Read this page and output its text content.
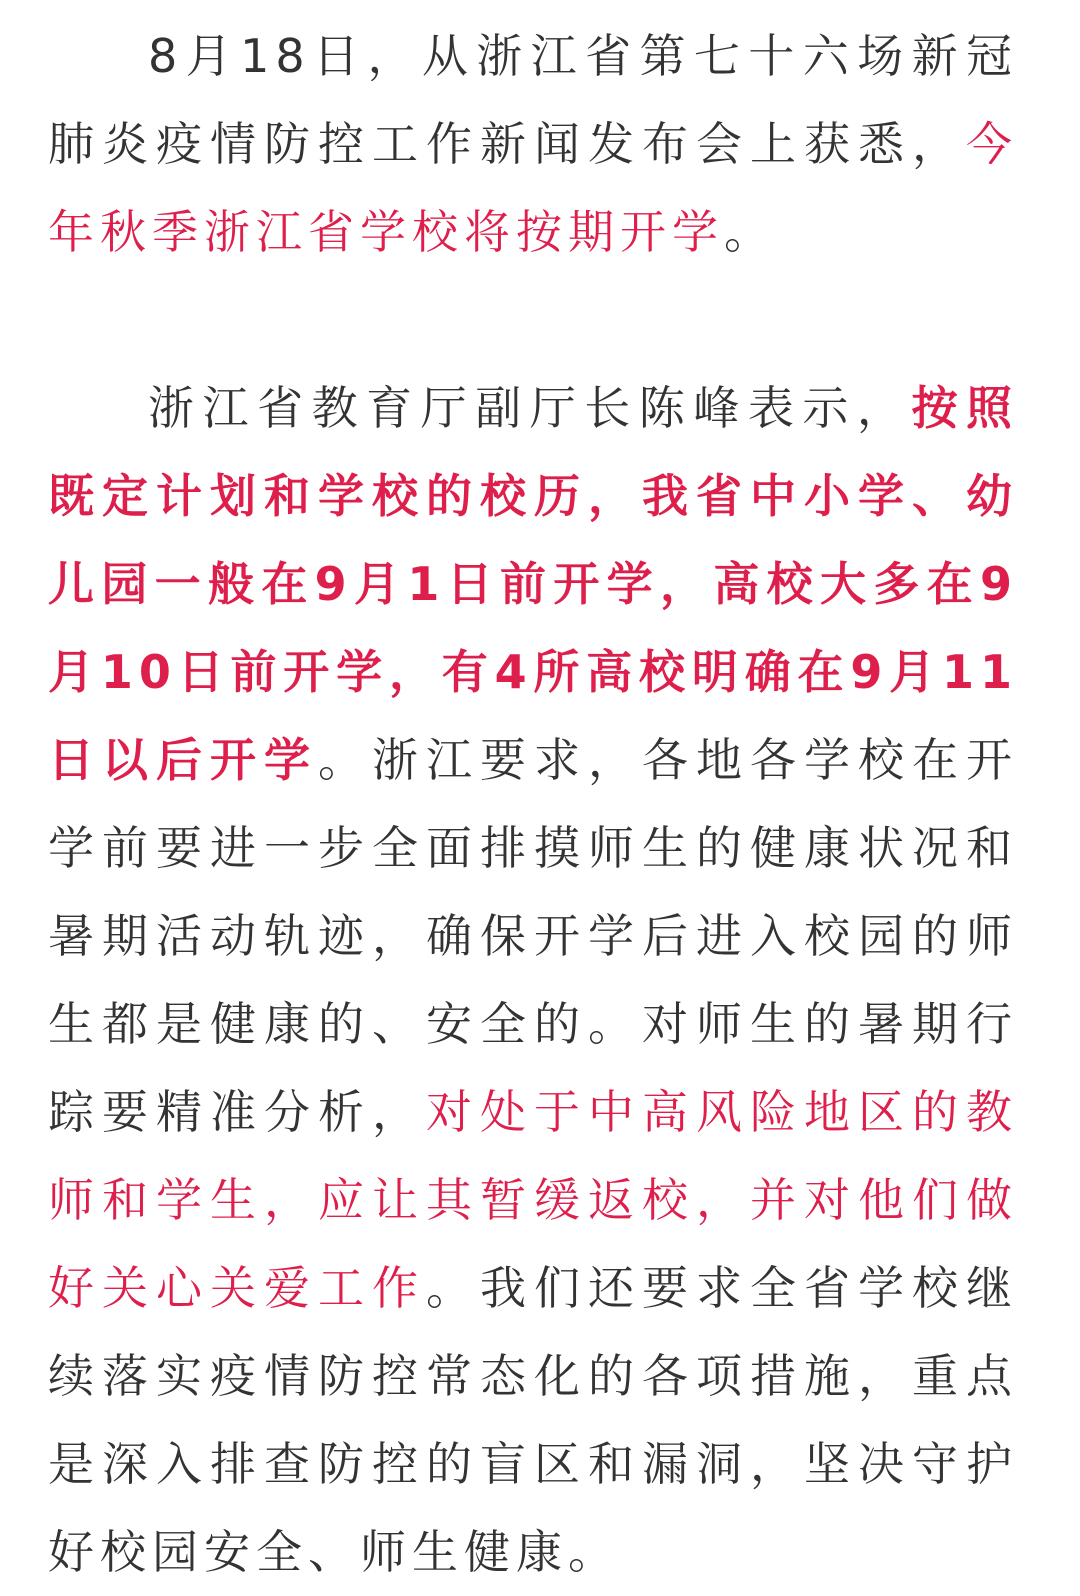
8月18日，从浙江省第七十六场新冠肺炎疫情防控工作新闻发布会上获悉，今年秋季浙江省学校将按期开学。

浙江省教育厅副厅长陈峰表示，按照既定计划和学校的校历，我省中小学、幼儿园一般在9月1日前开学，高校大多在9月10日前开学，有4所高校明确在9月11日以后开学。浙江要求，各地各学校在开学前要进一步全面排摸师生的健康状况和暑期活动轨迹，确保开学后进入校园的师生都是健康的、安全的。对师生的暑期行踪要精准分析，对处于中高风险地区的教师和学生，应让其暂缓返校，并对他们做好关心关爱工作。我们还要求全省学校继续落实疫情防控常态化的各项措施，重点是深入排查防控的盲区和漏洞，坚决守护好校园安全、师生健康。
